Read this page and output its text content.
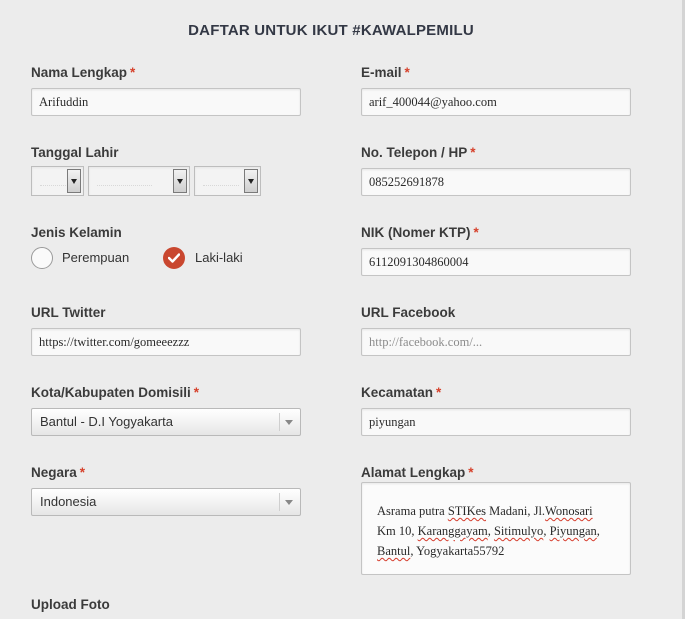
DAFTAR UNTUK IKUT #KAWALPEMILU
Nama Lengkap *
Arifuddin
E-mail *
arif_400044@yahoo.com
Tanggal Lahir	No. Telepon / HP *
085252691878
Jenis Kelamin
Perempuan	Laki-laki
NIK (Nomer KTP) *
6112091304860004
URL Twitter
https://twitter.com/gomeeezzz
URL Facebook
http://facebook.com/...
Kota/Kabupaten Domisili *
Bantul - D.I Yogyakarta
Kecamatan *
piyungan
Negara *
Indonesia
Alamat Lengkap *
Asrama putra STIKes Madani, Jl.Wonosari
Km 10, Karanggayam, Sitimulyo, Piyungan,
Bantul, Yogyakarta55792
Upload Foto
